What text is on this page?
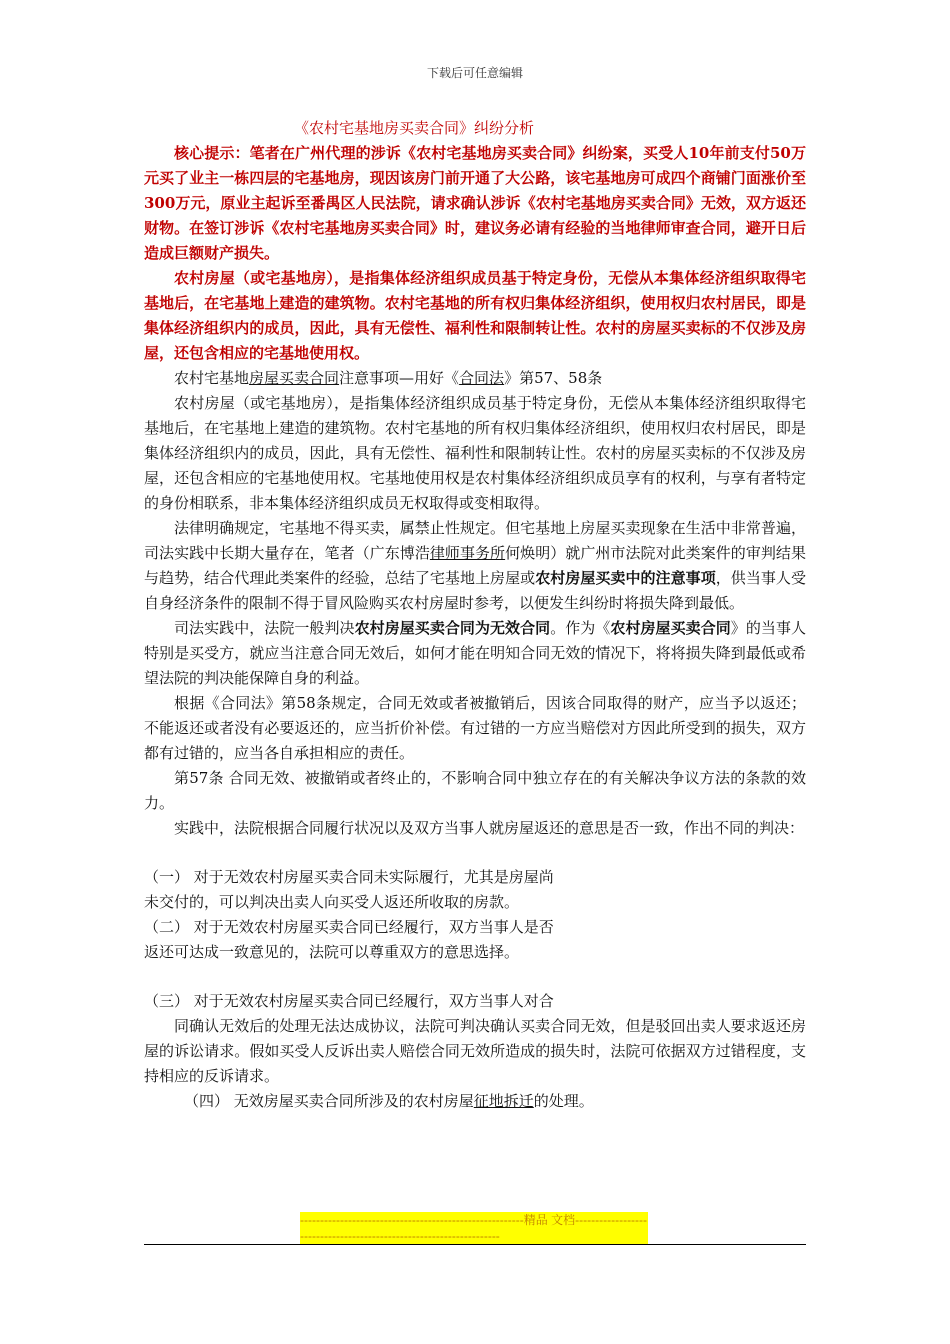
下载后可任意编辑
《农村宅基地房买卖合同》纠纷分析

核心提示：笔者在广州代理的涉诉《农村宅基地房买卖合同》纠纷案，买受人10年前支付50万元买了业主一栋四层的宅基地房，现因该房门前开通了大公路，该宅基地房可成四个商铺门面涨价至300万元，原业主起诉至番禺区人民法院，请求确认涉诉《农村宅基地房买卖合同》无效，双方返还财物。在签订涉诉《农村宅基地房买卖合同》时，建议务必请有经验的当地律师审查合同，避开日后造成巨额财产损失。

农村房屋（或宅基地房），是指集体经济组织成员基于特定身份，无偿从本集体经济组织取得宅基地后，在宅基地上建造的建筑物。农村宅基地的所有权归集体经济组织，使用权归农村居民，即是集体经济组织内的成员，因此，具有无偿性、福利性和限制转让性。农村的房屋买卖标的不仅涉及房屋，还包含相应的宅基地使用权。

农村宅基地房屋买卖合同注意事项—用好《合同法》第57、58条

农村房屋（或宅基地房），是指集体经济组织成员基于特定身份，无偿从本集体经济组织取得宅基地后，在宅基地上建造的建筑物。农村宅基地的所有权归集体经济组织，使用权归农村居民，即是集体经济组织内的成员，因此，具有无偿性、福利性和限制转让性。农村的房屋买卖标的不仅涉及房屋，还包含相应的宅基地使用权。宅基地使用权是农村集体经济组织成员享有的权利，与享有者特定的身份相联系，非本集体经济组织成员无权取得或变相取得。

法律明确规定，宅基地不得买卖，属禁止性规定。但宅基地上房屋买卖现象在生活中非常普遍，司法实践中长期大量存在，笔者（广东博浩律师事务所何焕明）就广州市法院对此类案件的审判结果与趋势，结合代理此类案件的经验，总结了宅基地上房屋或农村房屋买卖中的注意事项，供当事人受自身经济条件的限制不得于冒风险购买农村房屋时参考，以便发生纠纷时将损失降到最低。

司法实践中，法院一般判决农村房屋买卖合同为无效合同。作为《农村房屋买卖合同》的当事人特别是买受方，就应当注意合同无效后，如何才能在明知合同无效的情况下，将将损失降到最低或希望法院的判决能保障自身的利益。

根据《合同法》第58条规定，合同无效或者被撤销后，因该合同取得的财产，应当予以返还；不能返还或者没有必要返还的，应当折价补偿。有过错的一方应当赔偿对方因此所受到的损失，双方都有过错的，应当各自承担相应的责任。

第57条 合同无效、被撤销或者终止的，不影响合同中独立存在的有关解决争议方法的条款的效力。

实践中，法院根据合同履行状况以及双方当事人就房屋返还的意思是否一致，作出不同的判决：

（一） 对于无效农村房屋买卖合同未实际履行，尤其是房屋尚

未交付的，可以判决出卖人向买受人返还所收取的房款。

（二） 对于无效农村房屋买卖合同已经履行，双方当事人是否

返还可达成一致意见的，法院可以尊重双方的意思选择。

（三） 对于无效农村房屋买卖合同已经履行，双方当事人对合

同确认无效后的处理无法达成协议，法院可判决确认买卖合同无效，但是驳回出卖人要求返还房屋的诉讼请求。假如买受人反诉出卖人赔偿合同无效所造成的损失时，法院可依据双方过错程度，支持相应的反诉请求。

（四） 无效房屋买卖合同所涉及的农村房屋征地拆迁的处理。

--------------------------------------------------------精品 文档--------------------------------------------------------------------
